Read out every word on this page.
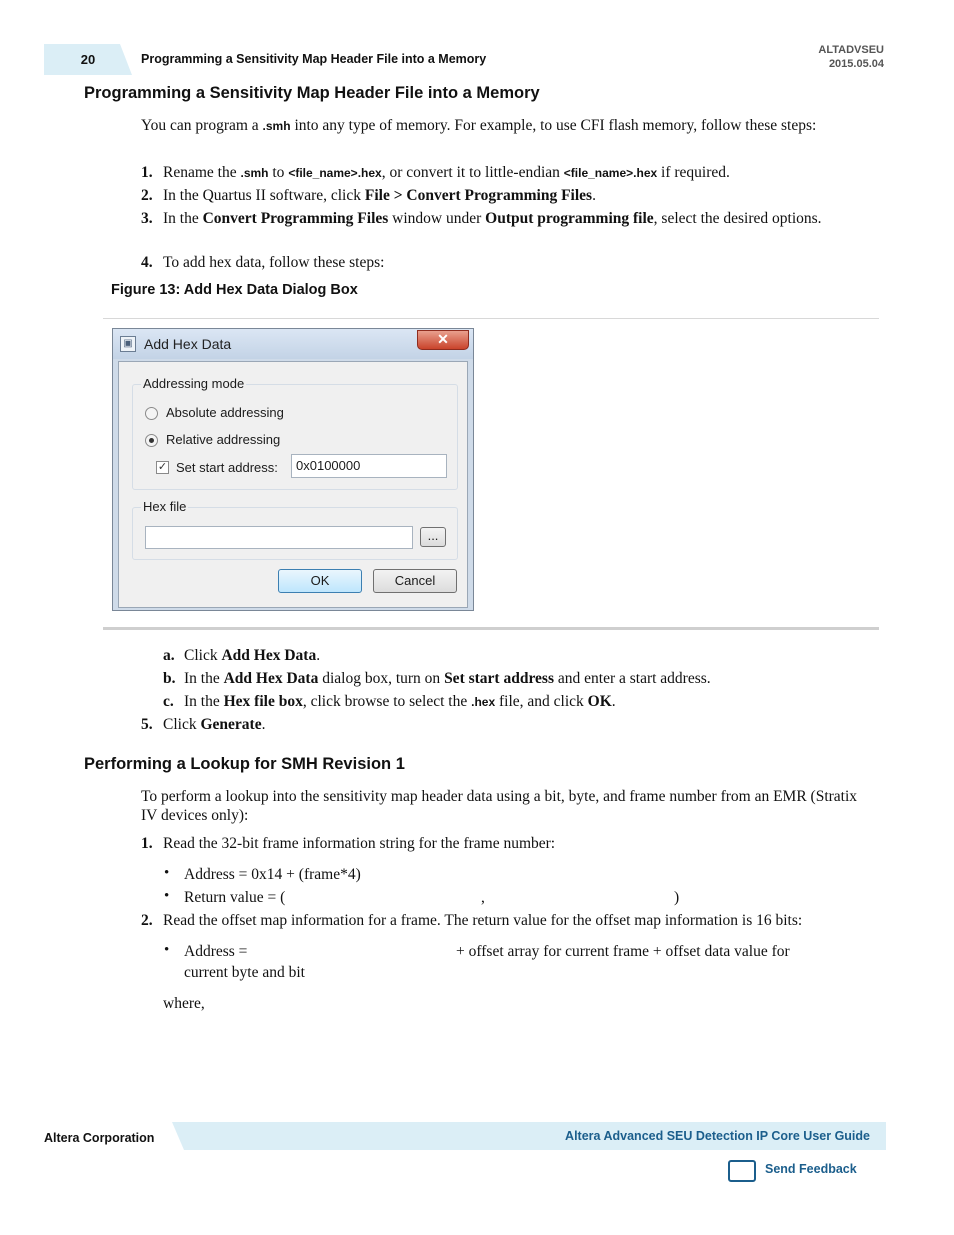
20	Programming a Sensitivity Map Header File into a Memory
ALTADVSEU
2015.05.04
Programming a Sensitivity Map Header File into a Memory
You can program a .smh into any type of memory. For example, to use CFI flash memory, follow these steps:
1. Rename the .smh to <file_name>.hex, or convert it to little-endian <file_name>.hex if required.
2. In the Quartus II software, click File > Convert Programming Files.
3. In the Convert Programming Files window under Output programming file, select the desired options.
4. To add hex data, follow these steps:
Figure 13: Add Hex Data Dialog Box
▣ Add Hex Data	✕
Addressing mode
Absolute addressing
Relative addressing
✓ Set start address:	0x0100000
Hex file
...
OK	Cancel
a. Click Add Hex Data.
b. In the Add Hex Data dialog box, turn on Set start address and enter a start address.
c. In the Hex file box, click browse to select the .hex file, and click OK.
5. Click Generate.
Performing a Lookup for SMH Revision 1
To perform a lookup into the sensitivity map header data using a bit, byte, and frame number from an EMR (Stratix IV devices only):
1. Read the 32-bit frame information string for the frame number:
• Address = 0x14 + (frame*4)
• Return value = (	,	)
2. Read the offset map information for a frame. The return value for the offset map information is 16 bits:
• Address =	+ offset array for current frame + offset data value for
current byte and bit
where,
Altera Corporation	Altera Advanced SEU Detection IP Core User Guide
Send Feedback
